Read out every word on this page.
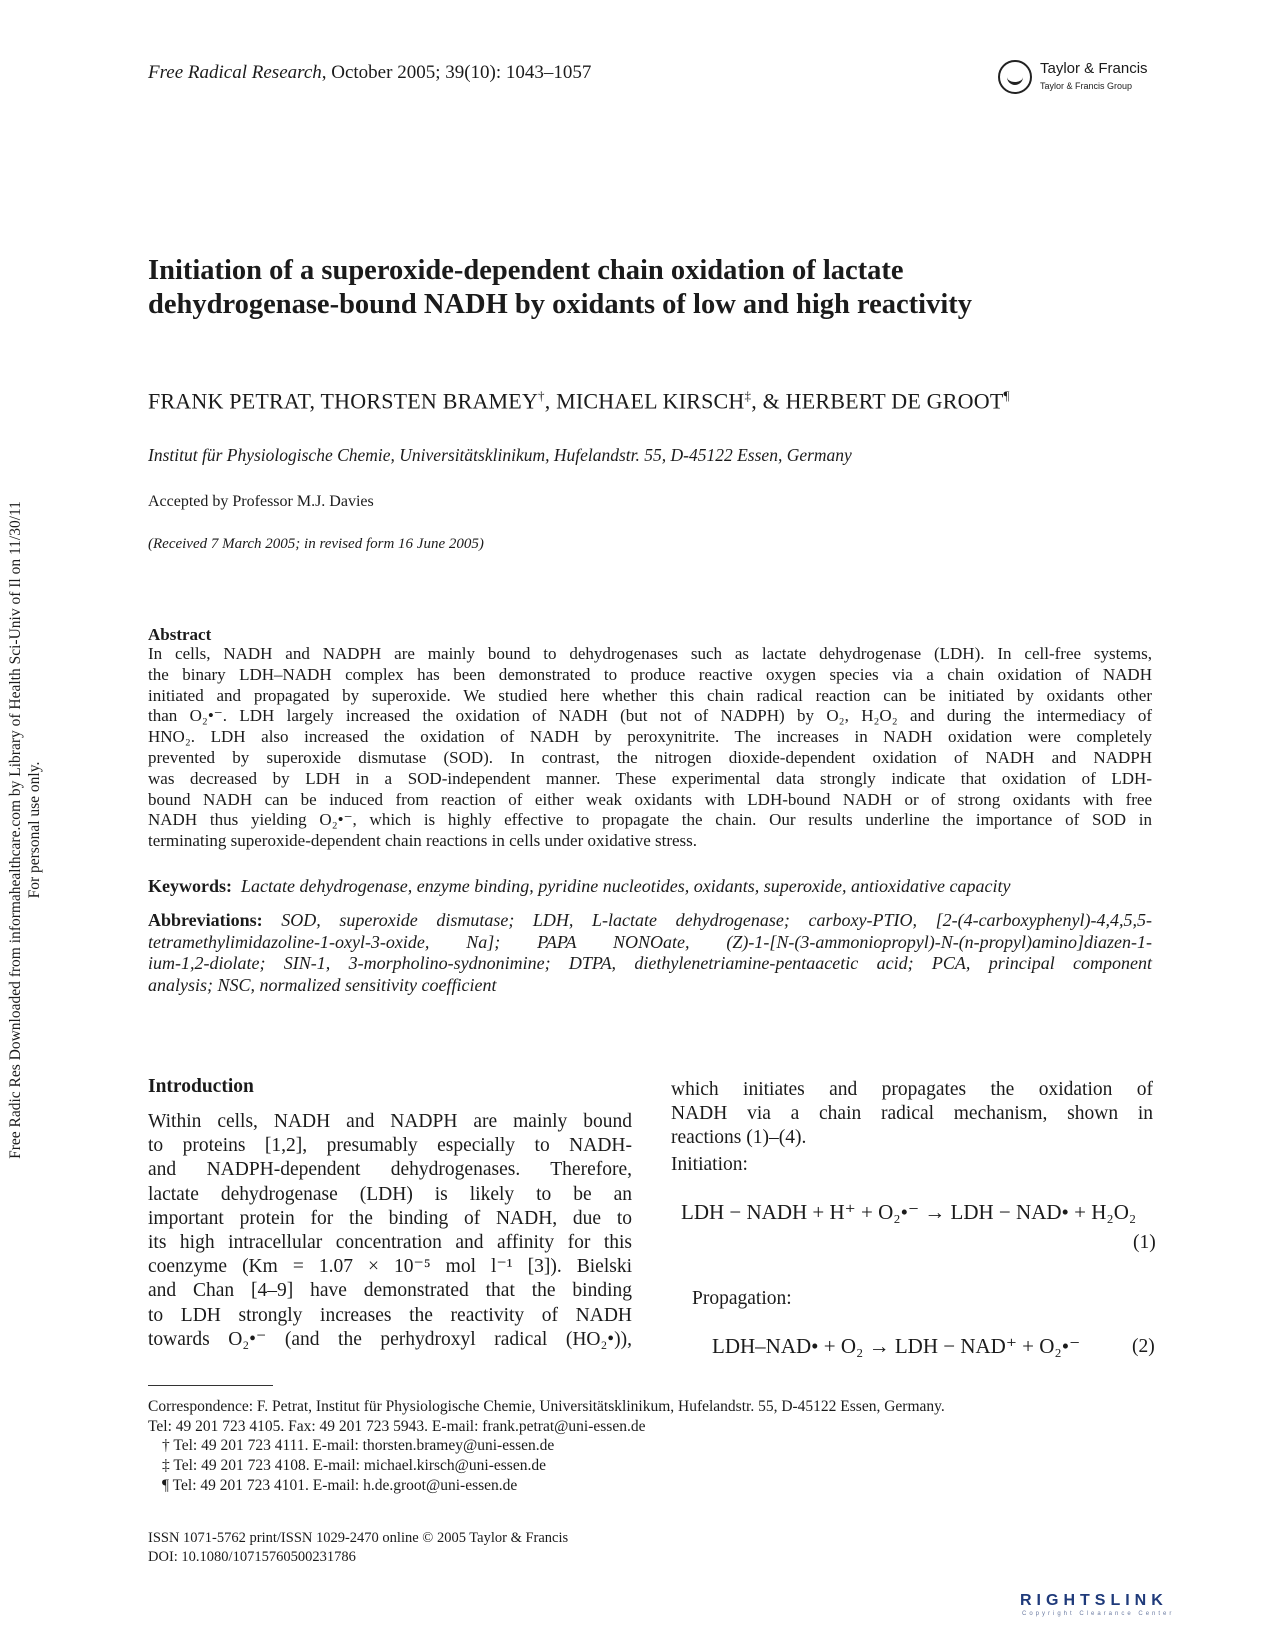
Free Radical Research, October 2005; 39(10): 1043–1057	Taylor & Francis
Taylor & Francis Group
Initiation of a superoxide-dependent chain oxidation of lactate
dehydrogenase-bound NADH by oxidants of low and high reactivity
FRANK PETRAT, THORSTEN BRAMEY†, MICHAEL KIRSCH‡, & HERBERT DE GROOT¶
Institut für Physiologische Chemie, Universitätsklinikum, Hufelandstr. 55, D-45122 Essen, Germany
Accepted by Professor M.J. Davies
(Received 7 March 2005; in revised form 16 June 2005)
Abstract
In cells, NADH and NADPH are mainly bound to dehydrogenases such as lactate dehydrogenase (LDH). In cell-free systems,
the binary LDH–NADH complex has been demonstrated to produce reactive oxygen species via a chain oxidation of NADH
initiated and propagated by superoxide. We studied here whether this chain radical reaction can be initiated by oxidants other
than O₂•⁻. LDH largely increased the oxidation of NADH (but not of NADPH) by O₂, H₂O₂ and during the intermediacy of
HNO₂. LDH also increased the oxidation of NADH by peroxynitrite. The increases in NADH oxidation were completely
prevented by superoxide dismutase (SOD). In contrast, the nitrogen dioxide-dependent oxidation of NADH and NADPH
was decreased by LDH in a SOD-independent manner. These experimental data strongly indicate that oxidation of LDH-
bound NADH can be induced from reaction of either weak oxidants with LDH-bound NADH or of strong oxidants with free
NADH thus yielding O₂•⁻, which is highly effective to propagate the chain. Our results underline the importance of SOD in
terminating superoxide-dependent chain reactions in cells under oxidative stress.
Keywords: Lactate dehydrogenase, enzyme binding, pyridine nucleotides, oxidants, superoxide, antioxidative capacity
Abbreviations: SOD, superoxide dismutase; LDH, L-lactate dehydrogenase; carboxy-PTIO, [2-(4-carboxyphenyl)-4,4,5,5-
tetramethylimidazoline-1-oxyl-3-oxide, Na]; PAPA NONOate, (Z)-1-[N-(3-ammoniopropyl)-N-(n-propyl)amino]diazen-1-
ium-1,2-diolate; SIN-1, 3-morpholino-sydnonimine; DTPA, diethylenetriamine-pentaacetic acid; PCA, principal component
analysis; NSC, normalized sensitivity coefficient
Introduction
Within cells, NADH and NADPH are mainly bound
to proteins [1,2], presumably especially to NADH-
and NADPH-dependent dehydrogenases. Therefore,
lactate dehydrogenase (LDH) is likely to be an
important protein for the binding of NADH, due to
its high intracellular concentration and affinity for this
coenzyme (Km = 1.07 × 10⁻⁵ mol l⁻¹ [3]). Bielski
and Chan [4–9] have demonstrated that the binding
to LDH strongly increases the reactivity of NADH
towards O₂•⁻ (and the perhydroxyl radical (HO₂•)),
which initiates and propagates the oxidation of
NADH via a chain radical mechanism, shown in
reactions (1)–(4).
Initiation:
LDH − NADH + H⁺ + O₂•⁻ → LDH − NAD• + H₂O₂
(1)
Propagation:
LDH–NAD• + O₂ → LDH − NAD⁺ + O₂•⁻	(2)
Correspondence: F. Petrat, Institut für Physiologische Chemie, Universitätsklinikum, Hufelandstr. 55, D-45122 Essen, Germany.
Tel: 49 201 723 4105. Fax: 49 201 723 5943. E-mail: frank.petrat@uni-essen.de
† Tel: 49 201 723 4111. E-mail: thorsten.bramey@uni-essen.de
‡ Tel: 49 201 723 4108. E-mail: michael.kirsch@uni-essen.de
¶ Tel: 49 201 723 4101. E-mail: h.de.groot@uni-essen.de
ISSN 1071-5762 print/ISSN 1029-2470 online © 2005 Taylor & Francis
DOI: 10.1080/10715760500231786
RIGHTSLINK
Copyright Clearance Center
Free Radic Res Downloaded from informahealthcare.com by Library of Health Sci-Univ of Il on 11/30/11 For personal use only.
